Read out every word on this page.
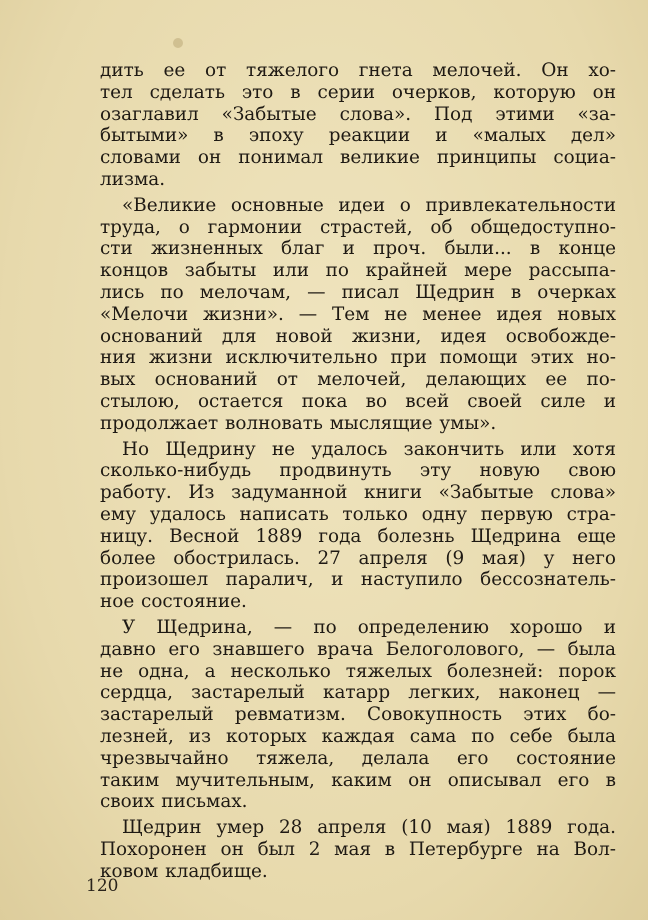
дить ее от тяжелого гнета мелочей. Он хо-
тел сделать это в серии очерков, которую он
озаглавил «Забытые слова». Под этими «за-
бытыми» в эпоху реакции и «малых дел»
словами он понимал великие принципы социа-
лизма.
«Великие основные идеи о привлекательности
труда, о гармонии страстей, об общедоступно-
сти жизненных благ и проч. были... в конце
концов забыты или по крайней мере рассыпа-
лись по мелочам, — писал Щедрин в очерках
«Мелочи жизни». — Тем не менее идея новых
оснований для новой жизни, идея освобожде-
ния жизни исключительно при помощи этих но-
вых оснований от мелочей, делающих ее по-
стылою, остается пока во всей своей силе и
продолжает волновать мыслящие умы».
Но Щедрину не удалось закончить или хотя
сколько-нибудь продвинуть эту новую свою
работу. Из задуманной книги «Забытые слова»
ему удалось написать только одну первую стра-
ницу. Весной 1889 года болезнь Щедрина еще
более обострилась. 27 апреля (9 мая) у него
произошел паралич, и наступило бессознатель-
ное состояние.
У Щедрина, — по определению хорошо и
давно его знавшего врача Белоголового, — была
не одна, а несколько тяжелых болезней: порок
сердца, застарелый катарр легких, наконец —
застарелый ревматизм. Совокупность этих бо-
лезней, из которых каждая сама по себе была
чрезвычайно тяжела, делала его состояние
таким мучительным, каким он описывал его в
своих письмах.
Щедрин умер 28 апреля (10 мая) 1889 года.
Похоронен он был 2 мая в Петербурге на Вол-
ковом кладбище.
120
